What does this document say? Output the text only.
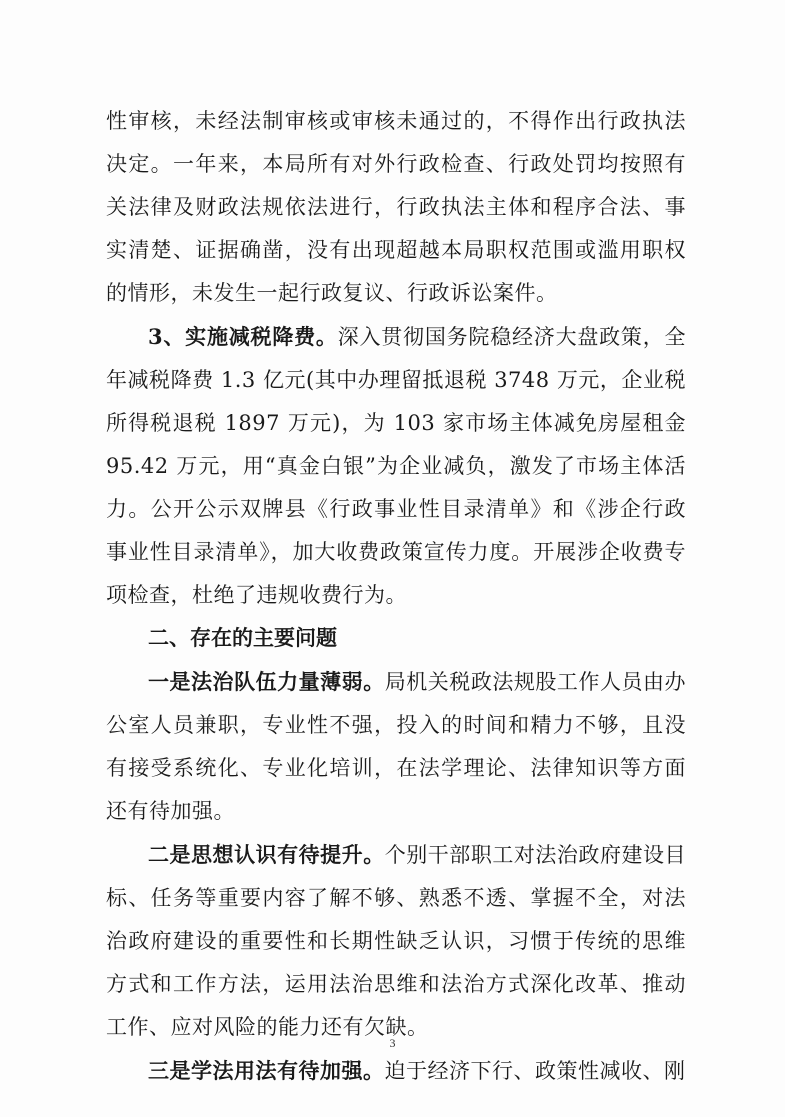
性审核，未经法制审核或审核未通过的，不得作出行政执法决定。一年来，本局所有对外行政检查、行政处罚均按照有关法律及财政法规依法进行，行政执法主体和程序合法、事实清楚、证据确凿，没有出现超越本局职权范围或滥用职权的情形，未发生一起行政复议、行政诉讼案件。

3、实施减税降费。深入贯彻国务院稳经济大盘政策，全年减税降费 1.3 亿元(其中办理留抵退税 3748 万元，企业税所得税退税 1897 万元)，为 103 家市场主体减免房屋租金 95.42 万元，用“真金白银”为企业减负，激发了市场主体活力。公开公示双牌县《行政事业性目录清单》和《涉企行政事业性目录清单》，加大收费政策宣传力度。开展涉企收费专项检查，杜绝了违规收费行为。

二、存在的主要问题

一是法治队伍力量薄弱。局机关税政法规股工作人员由办公室人员兼职，专业性不强，投入的时间和精力不够，且没有接受系统化、专业化培训，在法学理论、法律知识等方面还有待加强。

二是思想认识有待提升。个别干部职工对法治政府建设目标、任务等重要内容了解不够、熟悉不透、掌握不全，对法治政府建设的重要性和长期性缺乏认识，习惯于传统的思维方式和工作方法，运用法治思维和法治方式深化改革、推动工作、应对风险的能力还有欠缺。

三是学法用法有待加强。迫于经济下行、政策性减收、刚

3
